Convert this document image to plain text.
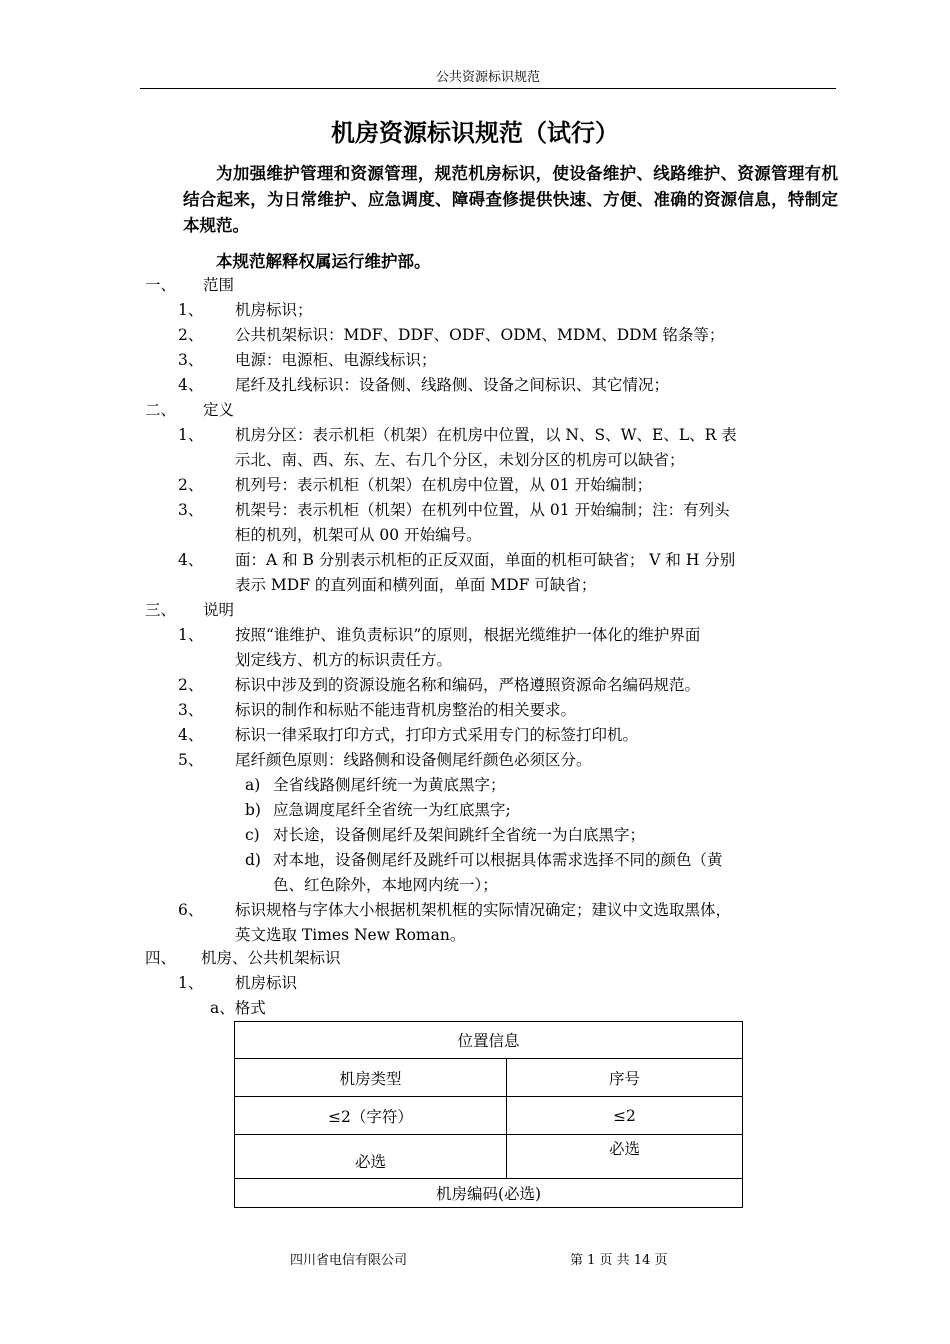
公共资源标识规范
机房资源标识规范（试行）
为加强维护管理和资源管理，规范机房标识，使设备维护、线路维护、资源管理有机结合起来，为日常维护、应急调度、障碍查修提供快速、方便、准确的资源信息，特制定本规范。
本规范解释权属运行维护部。
一、 范围
1、 机房标识；
2、 公共机架标识：MDF、DDF、ODF、ODM、MDM、DDM 铭条等；
3、 电源：电源柜、电源线标识；
4、 尾纤及扎线标识：设备侧、线路侧、设备之间标识、其它情况；
二、 定义
1、 机房分区：表示机柜（机架）在机房中位置，以 N、S、W、E、L、R 表
示北、南、西、东、左、右几个分区，未划分区的机房可以缺省；
2、 机列号：表示机柜（机架）在机房中位置，从 01 开始编制；
3、 机架号：表示机柜（机架）在机列中位置，从 01 开始编制；注：有列头
柜的机列，机架可从 00 开始编号。
4、 面：A 和 B 分别表示机柜的正反双面，单面的机柜可缺省； V 和 H 分别
表示 MDF 的直列面和横列面，单面 MDF 可缺省；
三、 说明
1、 按照“谁维护、谁负责标识”的原则，根据光缆维护一体化的维护界面
划定线方、机方的标识责任方。
2、 标识中涉及到的资源设施名称和编码，严格遵照资源命名编码规范。
3、 标识的制作和标贴不能违背机房整治的相关要求。
4、 标识一律采取打印方式，打印方式采用专门的标签打印机。
5、 尾纤颜色原则：线路侧和设备侧尾纤颜色必须区分。
a) 全省线路侧尾纤统一为黄底黑字；
b) 应急调度尾纤全省统一为红底黑字;
c) 对长途，设备侧尾纤及架间跳纤全省统一为白底黑字；
d) 对本地，设备侧尾纤及跳纤可以根据具体需求选择不同的颜色（黄
色、红色除外，本地网内统一）；
6、 标识规格与字体大小根据机架机框的实际情况确定；建议中文选取黑体，
英文选取 Times New Roman。
四、 机房、公共机架标识
1、 机房标识
a、格式
位置信息	
机房类型	序号
≤2（字符）	≤2
必选	必选
机房编码(必选)	
四川省电信有限公司	第 1 页 共 14 页
